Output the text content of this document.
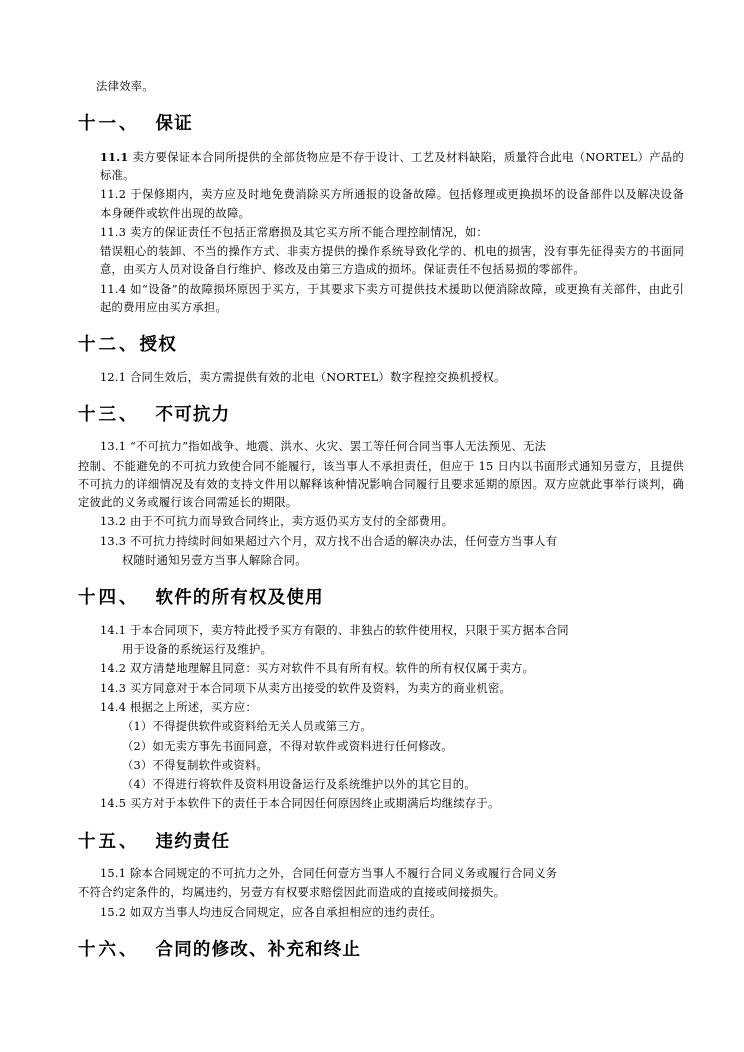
法律效率。

十一、 保证

11.1 卖方要保证本合同所提供的全部货物应是不存于设计、工艺及材料缺陷，质量符合此电（NORTEL）产品的标准。

11.2 于保修期内，卖方应及时地免费消除买方所通报的设备故障。包括修理或更换损坏的设备部件以及解决设备本身硬件或软件出现的故障。

11.3 卖方的保证责任不包括正常磨损及其它买方所不能合理控制情况，如：

错误粗心的装卸、不当的操作方式、非卖方提供的操作系统导致化学的、机电的损害，没有事先征得卖方的书面同意，由买方人员对设备自行维护、修改及由第三方造成的损坏。保证责任不包括易损的零部件。

11.4 如“设备”的故障损坏原因于买方，于其要求下卖方可提供技术援助以便消除故障，或更换有关部件，由此引起的费用应由买方承担。

十二、授权

12.1 合同生效后，卖方需提供有效的北电（NORTEL）数字程控交换机授权。

十三、 不可抗力

13.1 “不可抗力”指如战争、地震、洪水、火灾、罢工等任何合同当事人无法预见、无法

控制、不能避免的不可抗力致使合同不能履行，该当事人不承担责任，但应于 15 日内以书面形式通知另壹方，且提供不可抗力的详细情况及有效的支持文件用以解释该种情况影响合同履行且要求延期的原因。双方应就此事举行谈判，确定彼此的义务或履行该合同需延长的期限。

13.2 由于不可抗力而导致合同终止，卖方返仍买方支付的全部费用。

13.3 不可抗力持续时间如果超过六个月，双方找不出合适的解决办法，任何壹方当事人有

权随时通知另壹方当事人解除合同。

十四、 软件的所有权及使用

14.1 于本合同项下，卖方特此授予买方有限的、非独占的软件使用权，只限于买方据本合同

用于设备的系统运行及维护。

14.2 双方清楚地理解且同意：买方对软件不具有所有权。软件的所有权仅属于卖方。

14.3 买方同意对于本合同项下从卖方出接受的软件及资料，为卖方的商业机密。

14.4 根据之上所述，买方应：

（1）不得提供软件或资料给无关人员或第三方。

（2）如无卖方事先书面同意，不得对软件或资料进行任何修改。

（3）不得复制软件或资料。

（4）不得进行将软件及资料用设备运行及系统维护以外的其它目的。

14.5 买方对于本软件下的责任于本合同因任何原因终止或期满后均继续存于。

十五、 违约责任

15.1 除本合同规定的不可抗力之外，合同任何壹方当事人不履行合同义务或履行合同义务

不符合约定条件的，均属违约，另壹方有权要求赔偿因此而造成的直接或间接损失。

15.2 如双方当事人均违反合同规定，应各自承担相应的违约责任。

十六、 合同的修改、补充和终止
